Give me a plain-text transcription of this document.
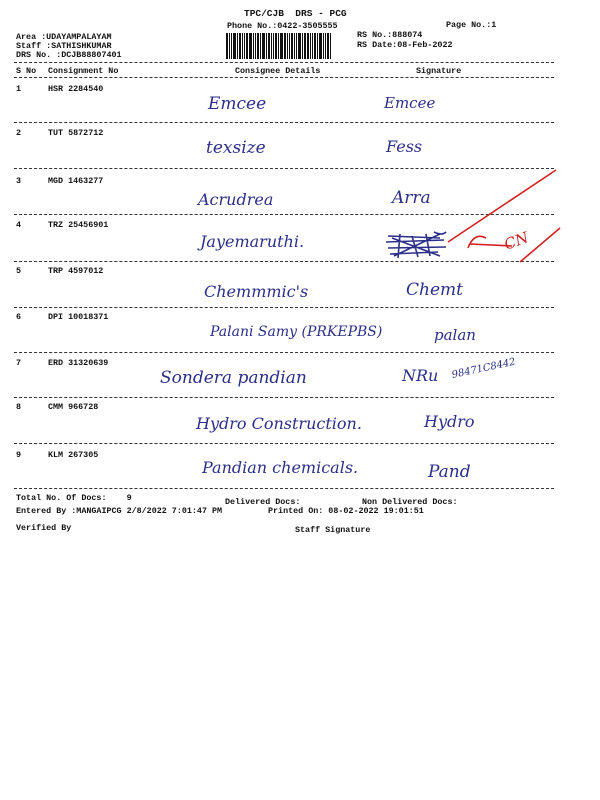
TPC/CJB  DRS - PCG
Phone No.:0422-3505555	Page No.:1
Area :UDAYAMPALAYAM
Staff :SATHISHKUMAR
DRS No. :DCJB88807401
RS No.:888074
RS Date:08-Feb-2022
S No Consignment No	Consignee Details	Signature
1	HSR 2284540
Emcee	Emcee
2	TUT 5872712
texsize	Fess
3	MGD 1463277
Acrudrea	Arra
4	TRZ 25456901
Jayemaruthi.
5	TRP 4597012
Chemmmic's	Chemt
6	DPI 10018371
Palani Samy (PRKEPBS)	palan
7	ERD 31320639
Sondera pandian	NRu 98471C8442
8	CMM 966728
Hydro Construction.	Hydro
9	KLM 267305
Pandian chemicals.	Pand
CN
Total No. Of Docs:    9	Delivered Docs:	Non Delivered Docs:
Entered By :MANGAIPCG 2/8/2022 7:01:47 PM	Printed On: 08-02-2022 19:01:51
Verified By	Staff Signature
